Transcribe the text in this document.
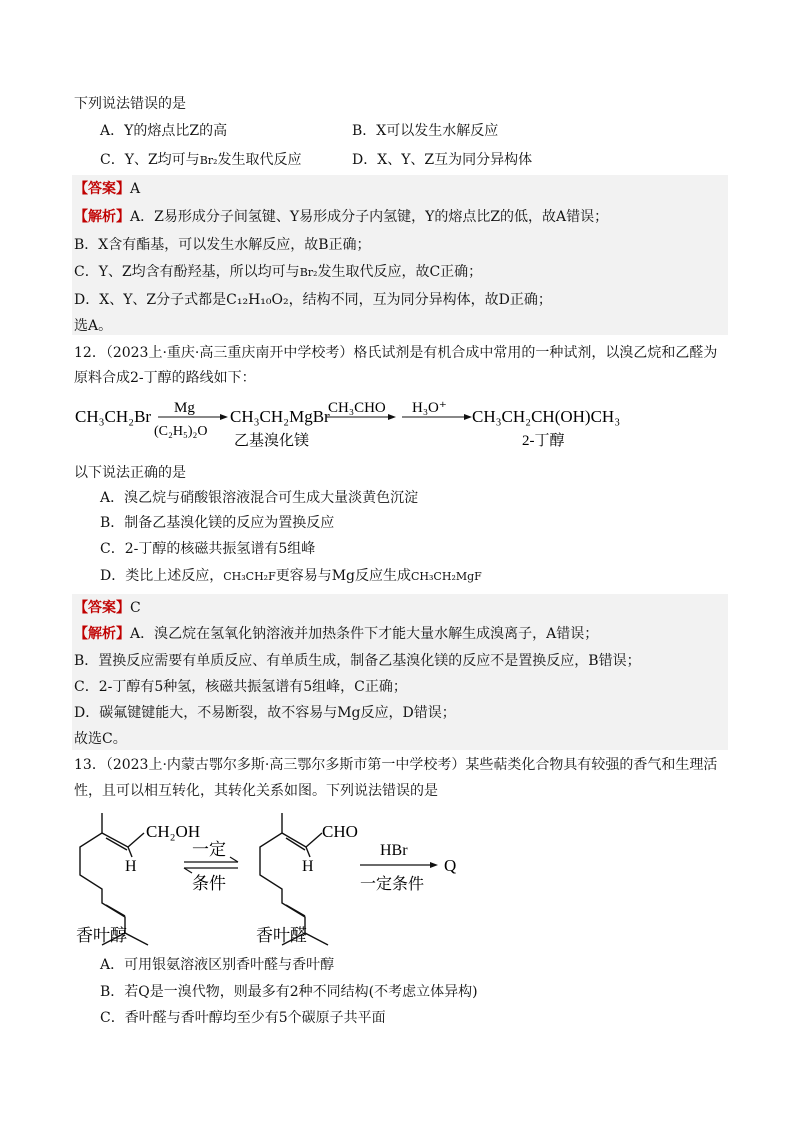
下列说法错误的是
A．Y的熔点比Z的高	B．X可以发生水解反应
C．Y、Z均可与Br₂发生取代反应	D．X、Y、Z互为同分异构体
【答案】A
【解析】A．Z易形成分子间氢键、Y易形成分子内氢键，Y的熔点比Z的低，故A错误；
B．X含有酯基，可以发生水解反应，故B正确；
C．Y、Z均含有酚羟基，所以均可与Br₂发生取代反应，故C正确；
D．X、Y、Z分子式都是C₁₂H₁₀O₂，结构不同，互为同分异构体，故D正确；
选A。
12．（2023上·重庆·高三重庆南开中学校考）格氏试剂是有机合成中常用的一种试剂，以溴乙烷和乙醛为
原料合成2-丁醇的路线如下：
CH₃CH₂Br Mg
(C₂H₅)₂O
CH₃CH₂MgBr
乙基溴化镁
CH₃CHO H₃O⁺ CH₃CH₂CH(OH)CH₃
2-丁醇
以下说法正确的是
A．溴乙烷与硝酸银溶液混合可生成大量淡黄色沉淀
B．制备乙基溴化镁的反应为置换反应
C．2-丁醇的核磁共振氢谱有5组峰
D．类比上述反应，CH₃CH₂F更容易与Mg反应生成CH₃CH₂MgF
【答案】C
【解析】A．溴乙烷在氢氧化钠溶液并加热条件下才能大量水解生成溴离子，A错误；
B．置换反应需要有单质反应、有单质生成，制备乙基溴化镁的反应不是置换反应，B错误；
C．2-丁醇有5种氢，核磁共振氢谱有5组峰，C正确；
D．碳氟键键能大，不易断裂，故不容易与Mg反应，D错误；
故选C。
13．（2023上·内蒙古鄂尔多斯·高三鄂尔多斯市第一中学校考）某些萜类化合物具有较强的香气和生理活
性，且可以相互转化，其转化关系如图。下列说法错误的是
CH₂OH
H
香叶醇
一定
条件
CHO
H
香叶醛
HBr
一定条件
Q
A．可用银氨溶液区别香叶醛与香叶醇
B．若Q是一溴代物，则最多有2种不同结构(不考虑立体异构)
C．香叶醛与香叶醇均至少有5个碳原子共平面
